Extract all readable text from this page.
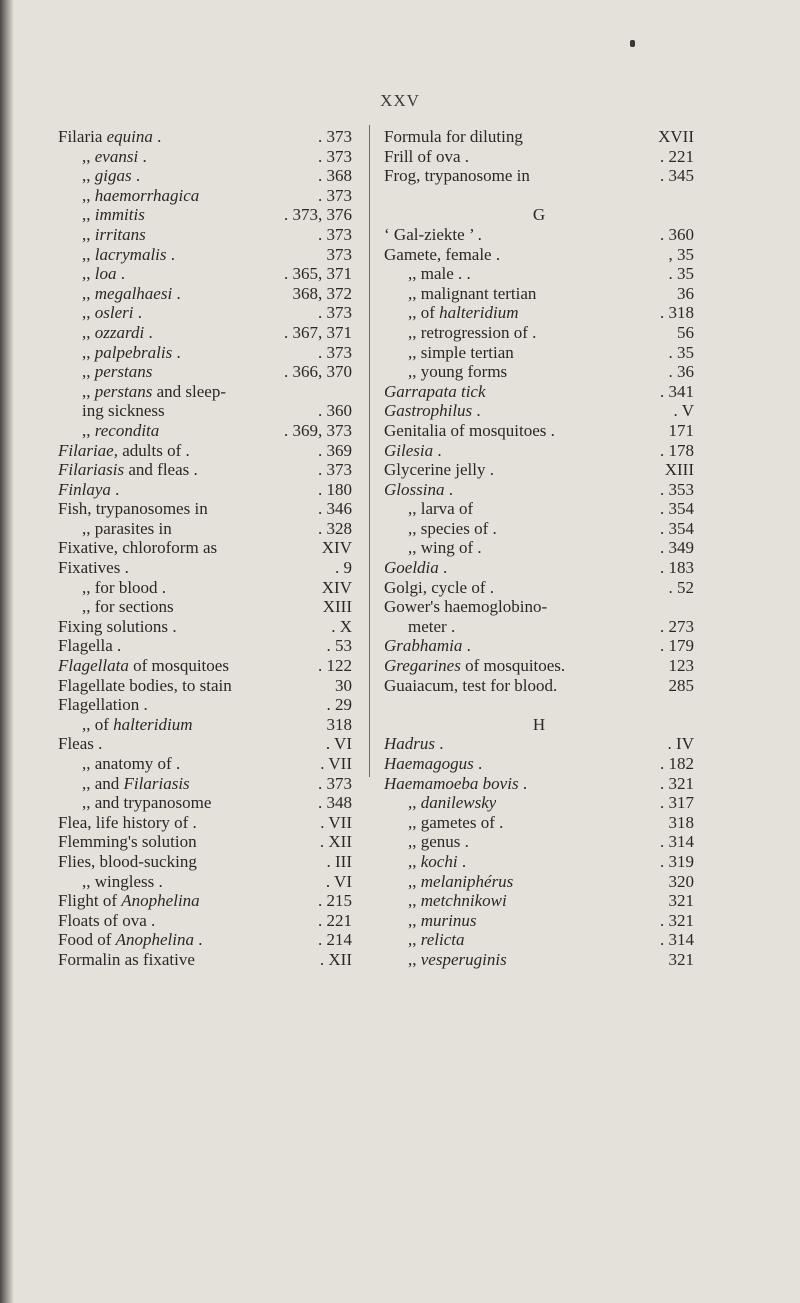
XXV
Filaria equina .	. 373
,, evansi .	. 373
,, gigas .	. 368
,, haemorrhagica	. 373
,, immitis	. 373, 376
,, irritans	. 373
,, lacrymalis .	373
,, loa .	. 365, 371
,, megalhaesi .	368, 372
,, osleri .	. 373
,, ozzardi .	. 367, 371
,, palpebralis .	. 373
,, perstans	. 366, 370
,, perstans and sleep-
ing sickness	. 360
,, recondita	. 369, 373
Filariae, adults of .	. 369
Filariasis and fleas .	. 373
Finlaya .	. 180
Fish, trypanosomes in	. 346
,, parasites in	. 328
Fixative, chloroform as	XIV
Fixatives .	. 9
,, for blood .	XIV
,, for sections	XIII
Fixing solutions .	. X
Flagella .	. 53
Flagellata of mosquitoes	. 122
Flagellate bodies, to stain	30
Flagellation .	. 29
,, of halteridium	318
Fleas .	. VI
,, anatomy of .	. VII
,, and Filariasis	. 373
,, and trypanosome	. 348
Flea, life history of .	. VII
Flemming's solution	. XII
Flies, blood-sucking	. III
,, wingless .	. VI
Flight of Anophelina	. 215
Floats of ova .	. 221
Food of Anophelina .	. 214
Formalin as fixative	. XII
Formula for diluting	XVII
Frill of ova .	. 221
Frog, trypanosome in	. 345
G
‘ Gal-ziekte ’ .	. 360
Gamete, female .	, 35
,, male . .	. 35
,, malignant tertian	36
,, of halteridium	. 318
,, retrogression of .	56
,, simple tertian	. 35
,, young forms	. 36
Garrapata tick	. 341
Gastrophilus .	. V
Genitalia of mosquitoes .	171
Gilesia .	. 178
Glycerine jelly .	XIII
Glossina .	. 353
,, larva of	. 354
,, species of .	. 354
,, wing of .	. 349
Goeldia .	. 183
Golgi, cycle of .	. 52
Gower's haemoglobino-
meter .	. 273
Grabhamia .	. 179
Gregarines of mosquitoes.	123
Guaiacum, test for blood.	285
H
Hadrus .	. IV
Haemagogus .	. 182
Haemamoeba bovis .	. 321
,, danilewsky	. 317
,, gametes of .	318
,, genus .	. 314
,, kochi .	. 319
,, melaniphérus	320
,, metchnikowi	321
,, murinus	. 321
,, relicta	. 314
,, vesperuginis	321
